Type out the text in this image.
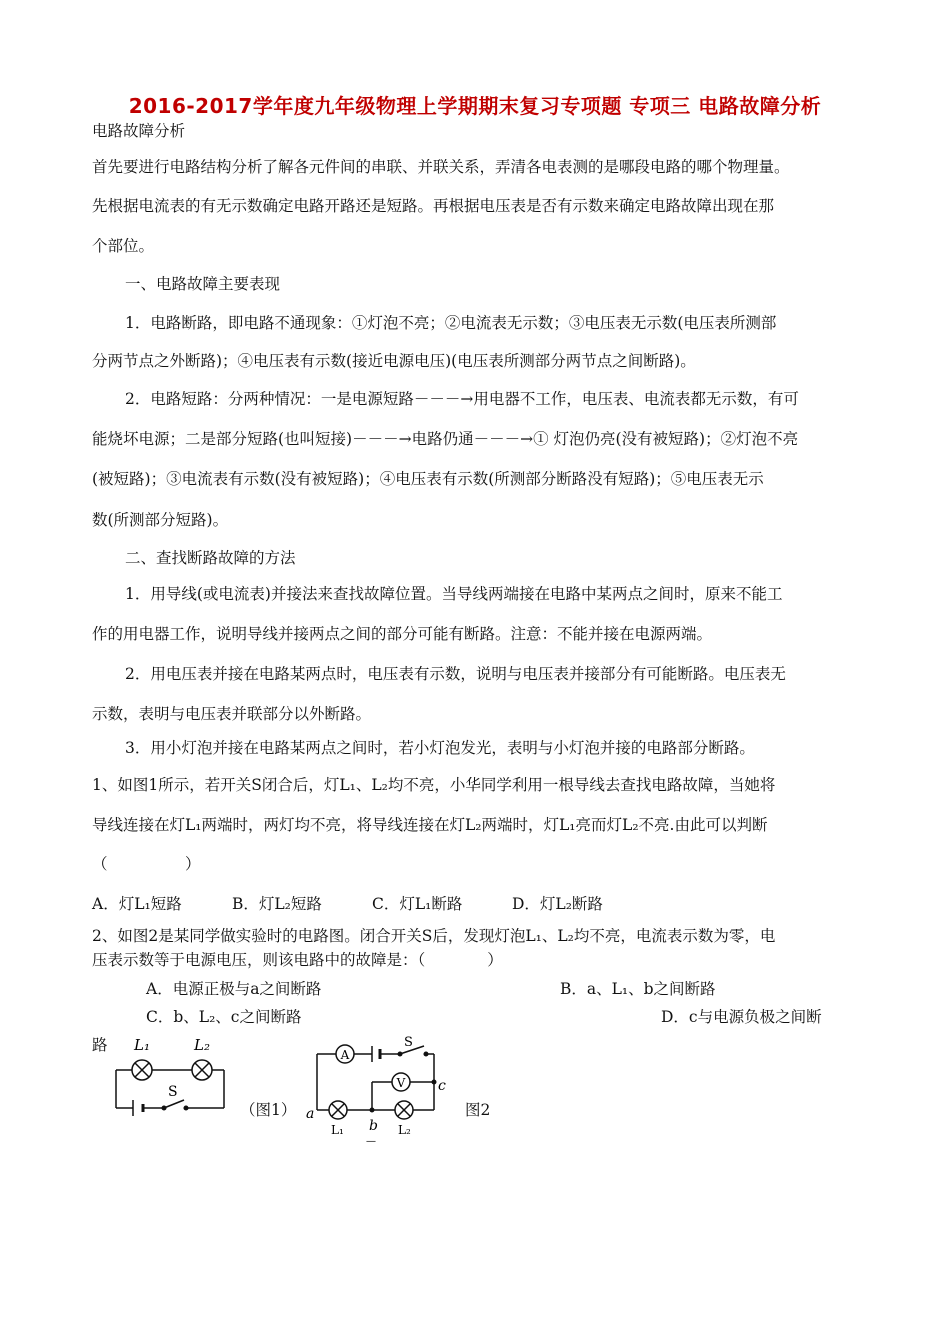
2016-2017学年度九年级物理上学期期末复习专项题 专项三 电路故障分析
电路故障分析
首先要进行电路结构分析了解各元件间的串联、并联关系，弄清各电表测的是哪段电路的哪个物理量。
先根据电流表的有无示数确定电路开路还是短路。再根据电压表是否有示数来确定电路故障出现在那
个部位。
一、电路故障主要表现
1．电路断路，即电路不通现象：①灯泡不亮；②电流表无示数；③电压表无示数(电压表所测部
分两节点之外断路)；④电压表有示数(接近电源电压)(电压表所测部分两节点之间断路)。
2．电路短路：分两种情况：一是电源短路－－－→用电器不工作，电压表、电流表都无示数，有可
能烧坏电源；二是部分短路(也叫短接)－－－→电路仍通－－－→① 灯泡仍亮(没有被短路)；②灯泡不亮
(被短路)；③电流表有示数(没有被短路)；④电压表有示数(所测部分断路没有短路)；⑤电压表无示
数(所测部分短路)。
二、查找断路故障的方法
1．用导线(或电流表)并接法来查找故障位置。当导线两端接在电路中某两点之间时，原来不能工
作的用电器工作，说明导线并接两点之间的部分可能有断路。注意：不能并接在电源两端。
2．用电压表并接在电路某两点时，电压表有示数，说明与电压表并接部分有可能断路。电压表无
示数，表明与电压表并联部分以外断路。
3．用小灯泡并接在电路某两点之间时，若小灯泡发光，表明与小灯泡并接的电路部分断路。
1、如图1所示，若开关S闭合后，灯L₁、L₂均不亮，小华同学利用一根导线去查找电路故障，当她将
导线连接在灯L₁两端时，两灯均不亮，将导线连接在灯L₂两端时，灯L₁亮而灯L₂不亮.由此可以判断
（　　　　　）
A．灯L₁短路	B．灯L₂短路	C．灯L₁断路	D．灯L₂断路
2、如图2是某同学做实验时的电路图。闭合开关S后，发现灯泡L₁、L₂均不亮，电流表示数为零，电
压表示数等于电源电压，则该电路中的故障是：（　　　　）
A．电源正极与a之间断路	B．a、L₁、b之间断路
C．b、L₂、c之间断路	D．c与电源负极之间断
路 L₁	L₂
S
（图1）
A
S
V
a
b
c
L₁	L₂
—
图2
